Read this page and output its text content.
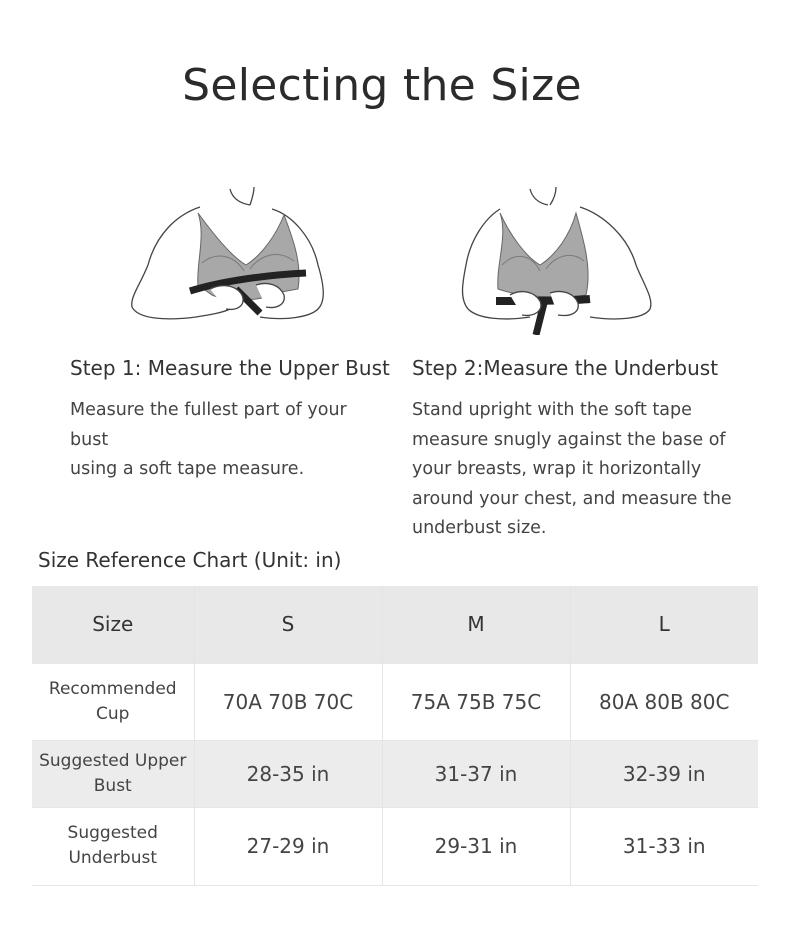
Selecting the Size
Step 1: Measure the Upper Bust
Measure the fullest part of your bust
using a soft tape measure.
Step 2:Measure the Underbust
Stand upright with the soft tape
measure snugly against the base of
your breasts, wrap it horizontally
around your chest, and measure the
underbust size.
Size Reference Chart (Unit: in)
Size	S	M	L

Recommended
Cup	70A 70B 70C	75A 75B 75C	80A 80B 80C

Suggested Upper
Bust	28-35 in	31-37 in	32-39 in

Suggested
Underbust	27-29 in	29-31 in	31-33 in
